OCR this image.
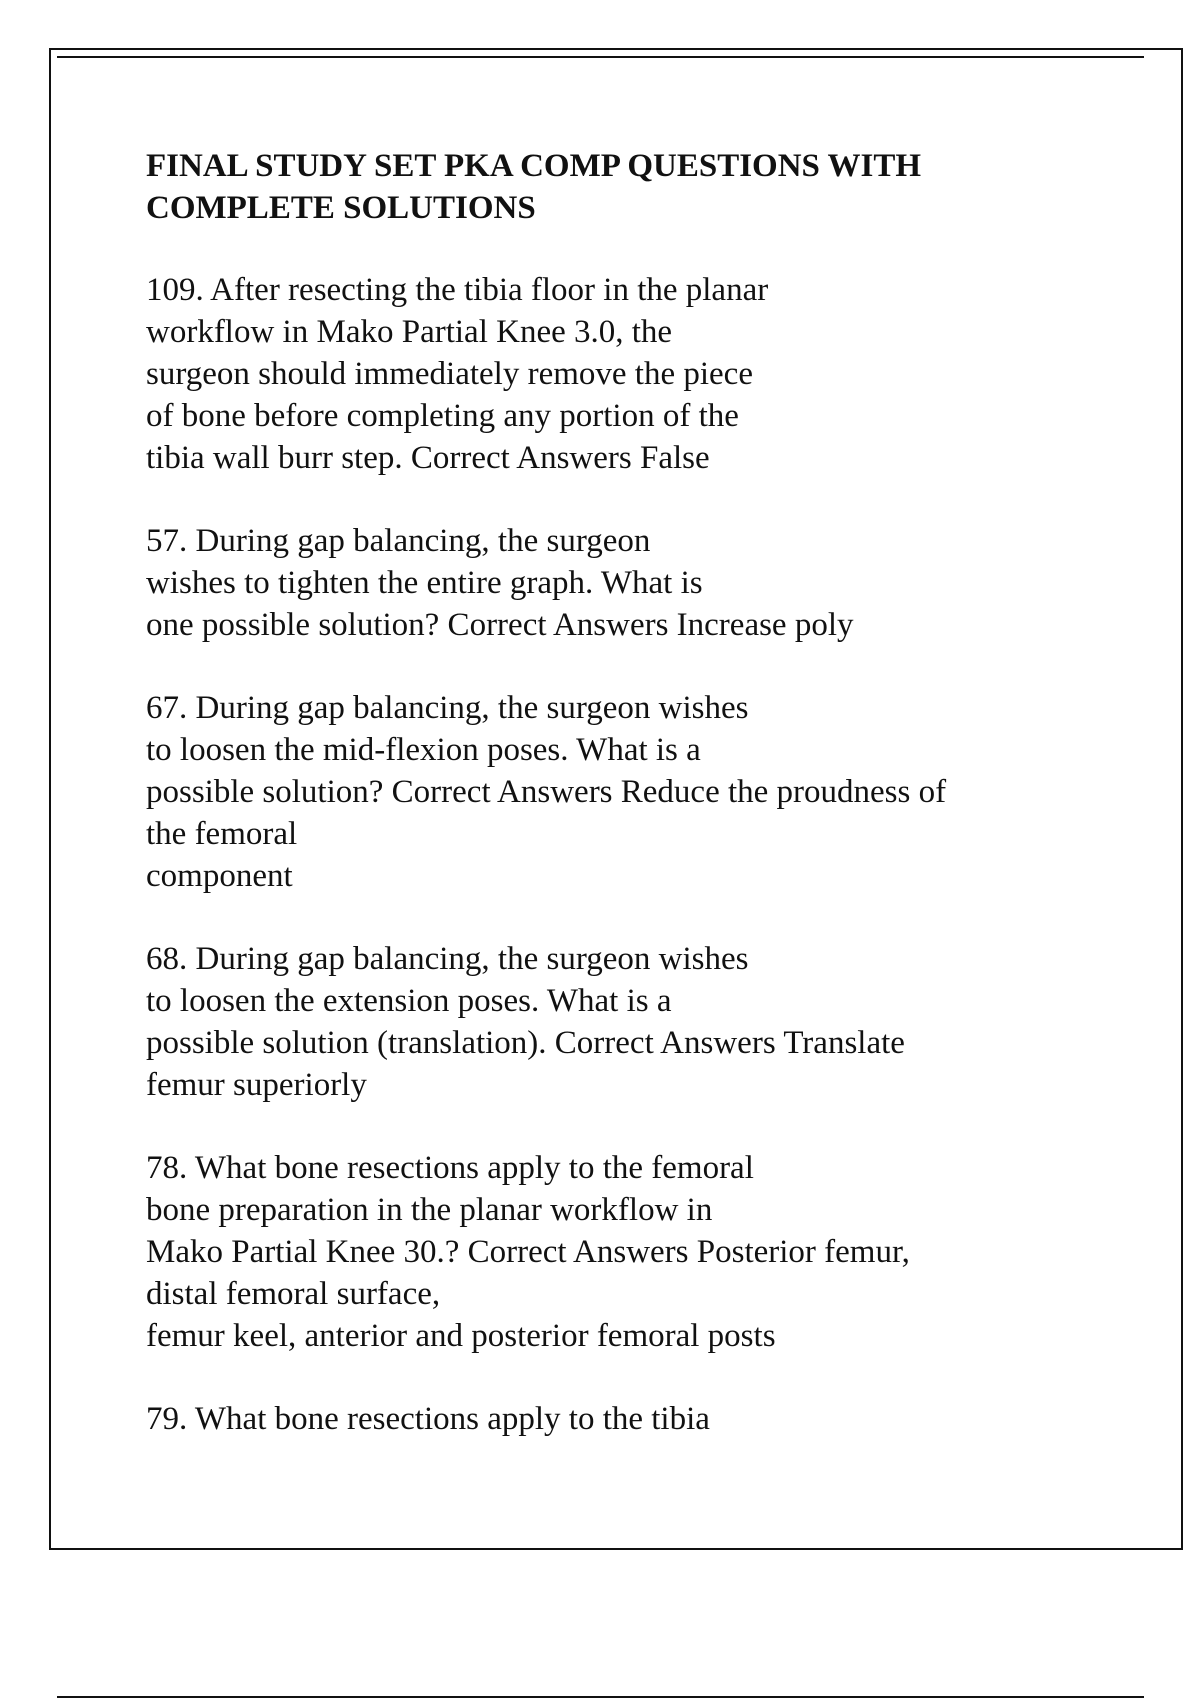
FINAL STUDY SET PKA COMP QUESTIONS WITH
COMPLETE SOLUTIONS

109. After resecting the tibia floor in the planar
workflow in Mako Partial Knee 3.0, the
surgeon should immediately remove the piece
of bone before completing any portion of the
tibia wall burr step. Correct Answers False

57. During gap balancing, the surgeon
wishes to tighten the entire graph. What is
one possible solution? Correct Answers Increase poly

67. During gap balancing, the surgeon wishes
to loosen the mid-flexion poses. What is a
possible solution? Correct Answers Reduce the proudness of
the femoral
component

68. During gap balancing, the surgeon wishes
to loosen the extension poses. What is a
possible solution (translation). Correct Answers Translate
femur superiorly

78. What bone resections apply to the femoral
bone preparation in the planar workflow in
Mako Partial Knee 30.? Correct Answers Posterior femur,
distal femoral surface,
femur keel, anterior and posterior femoral posts

79. What bone resections apply to the tibia
